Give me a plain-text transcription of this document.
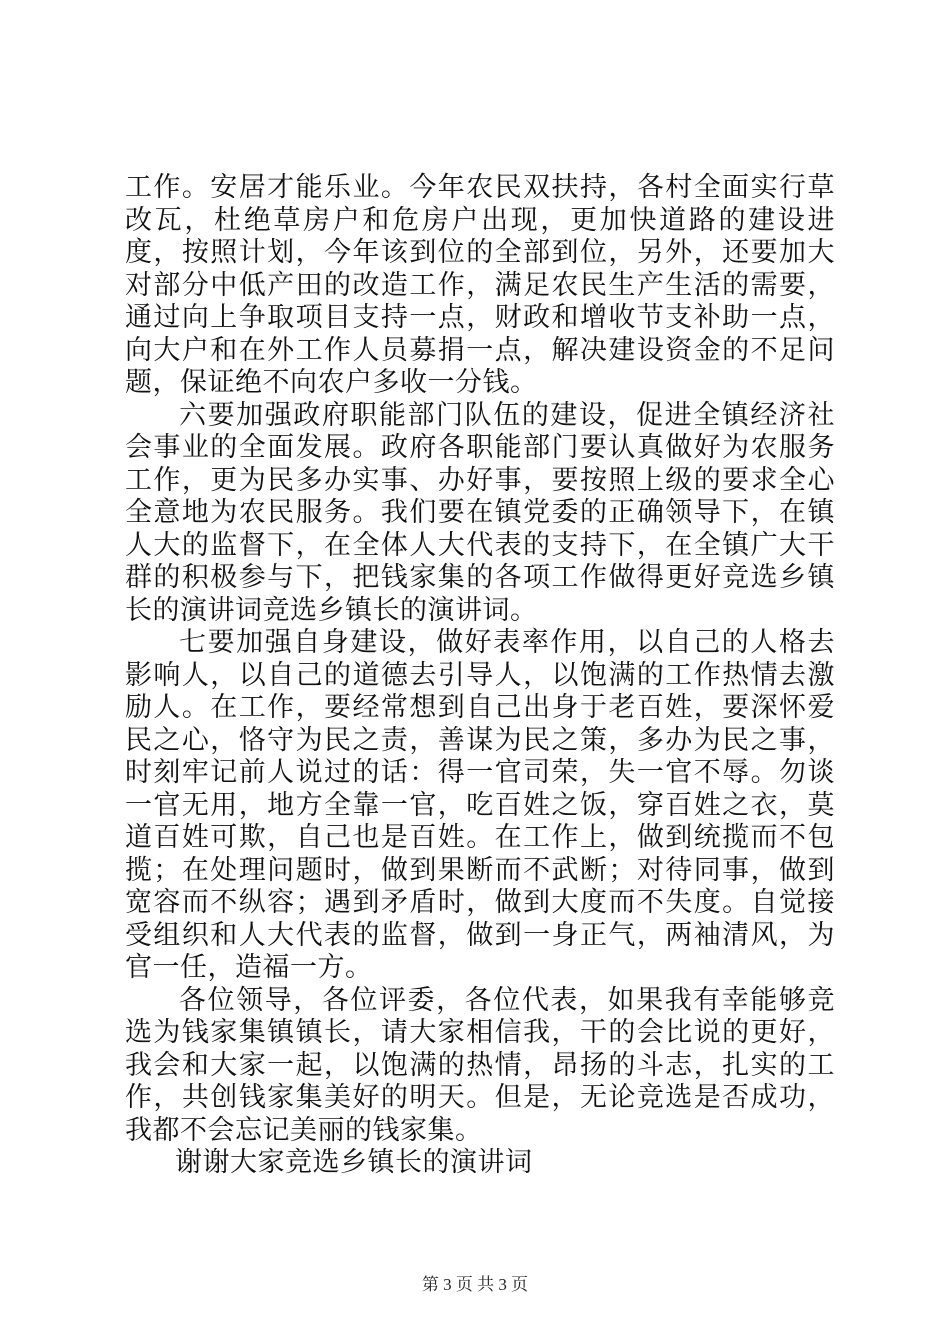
工作。安居才能乐业。今年农民双扶持，各村全面实行草改瓦，杜绝草房户和危房户出现，更加快道路的建设进度，按照计划，今年该到位的全部到位，另外，还要加大对部分中低产田的改造工作，满足农民生产生活的需要，通过向上争取项目支持一点，财政和增收节支补助一点，向大户和在外工作人员募捐一点，解决建设资金的不足问题，保证绝不向农户多收一分钱。

六要加强政府职能部门队伍的建设，促进全镇经济社会事业的全面发展。政府各职能部门要认真做好为农服务工作，更为民多办实事、办好事，要按照上级的要求全心全意地为农民服务。我们要在镇党委的正确领导下，在镇人大的监督下，在全体人大代表的支持下，在全镇广大干群的积极参与下，把钱家集的各项工作做得更好竞选乡镇长的演讲词竞选乡镇长的演讲词。

七要加强自身建设，做好表率作用，以自己的人格去影响人，以自己的道德去引导人，以饱满的工作热情去激励人。在工作，要经常想到自己出身于老百姓，要深怀爱民之心，恪守为民之责，善谋为民之策，多办为民之事，时刻牢记前人说过的话：得一官司荣，失一官不辱。勿谈一官无用，地方全靠一官，吃百姓之饭，穿百姓之衣，莫道百姓可欺，自己也是百姓。在工作上，做到统揽而不包揽；在处理问题时，做到果断而不武断；对待同事，做到宽容而不纵容；遇到矛盾时，做到大度而不失度。自觉接受组织和人大代表的监督，做到一身正气，两袖清风，为官一任，造福一方。

各位领导，各位评委，各位代表，如果我有幸能够竞选为钱家集镇镇长，请大家相信我，干的会比说的更好，我会和大家一起，以饱满的热情，昂扬的斗志，扎实的工作，共创钱家集美好的明天。但是，无论竞选是否成功，我都不会忘记美丽的钱家集。

谢谢大家竞选乡镇长的演讲词

第 3 页 共 3 页
